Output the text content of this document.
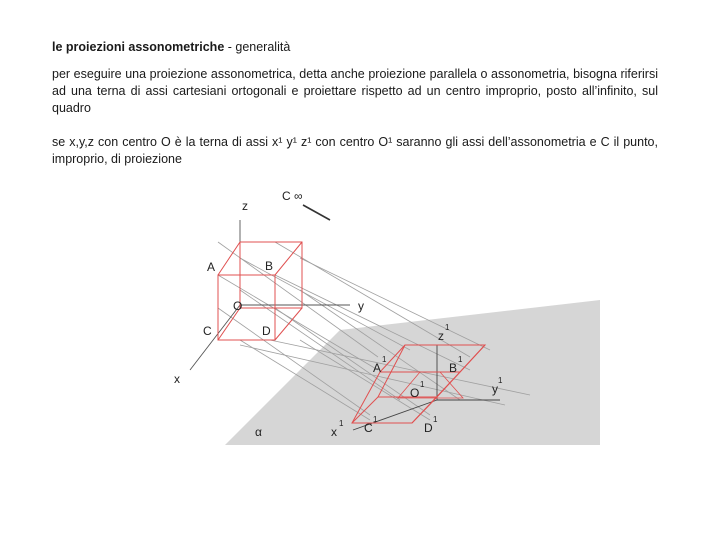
le proiezioni assonometriche - generalità
per eseguire una proiezione assonometrica, detta anche proiezione parallela o assonometria, bisogna riferirsi ad una terna di assi cartesiani ortogonali e proiettare rispetto ad un centro improprio, posto all’infinito, sul quadro
se x,y,z con centro O è la terna di assi x¹ y¹ z¹ con centro O¹ saranno gli assi dell’assonometria e C il punto, improprio, di proiezione
C ∞
z
A	B
O	y
C	D
x
z
1
A
1
B
1
O
1	y
1
x
1 C
1
D
1
α
